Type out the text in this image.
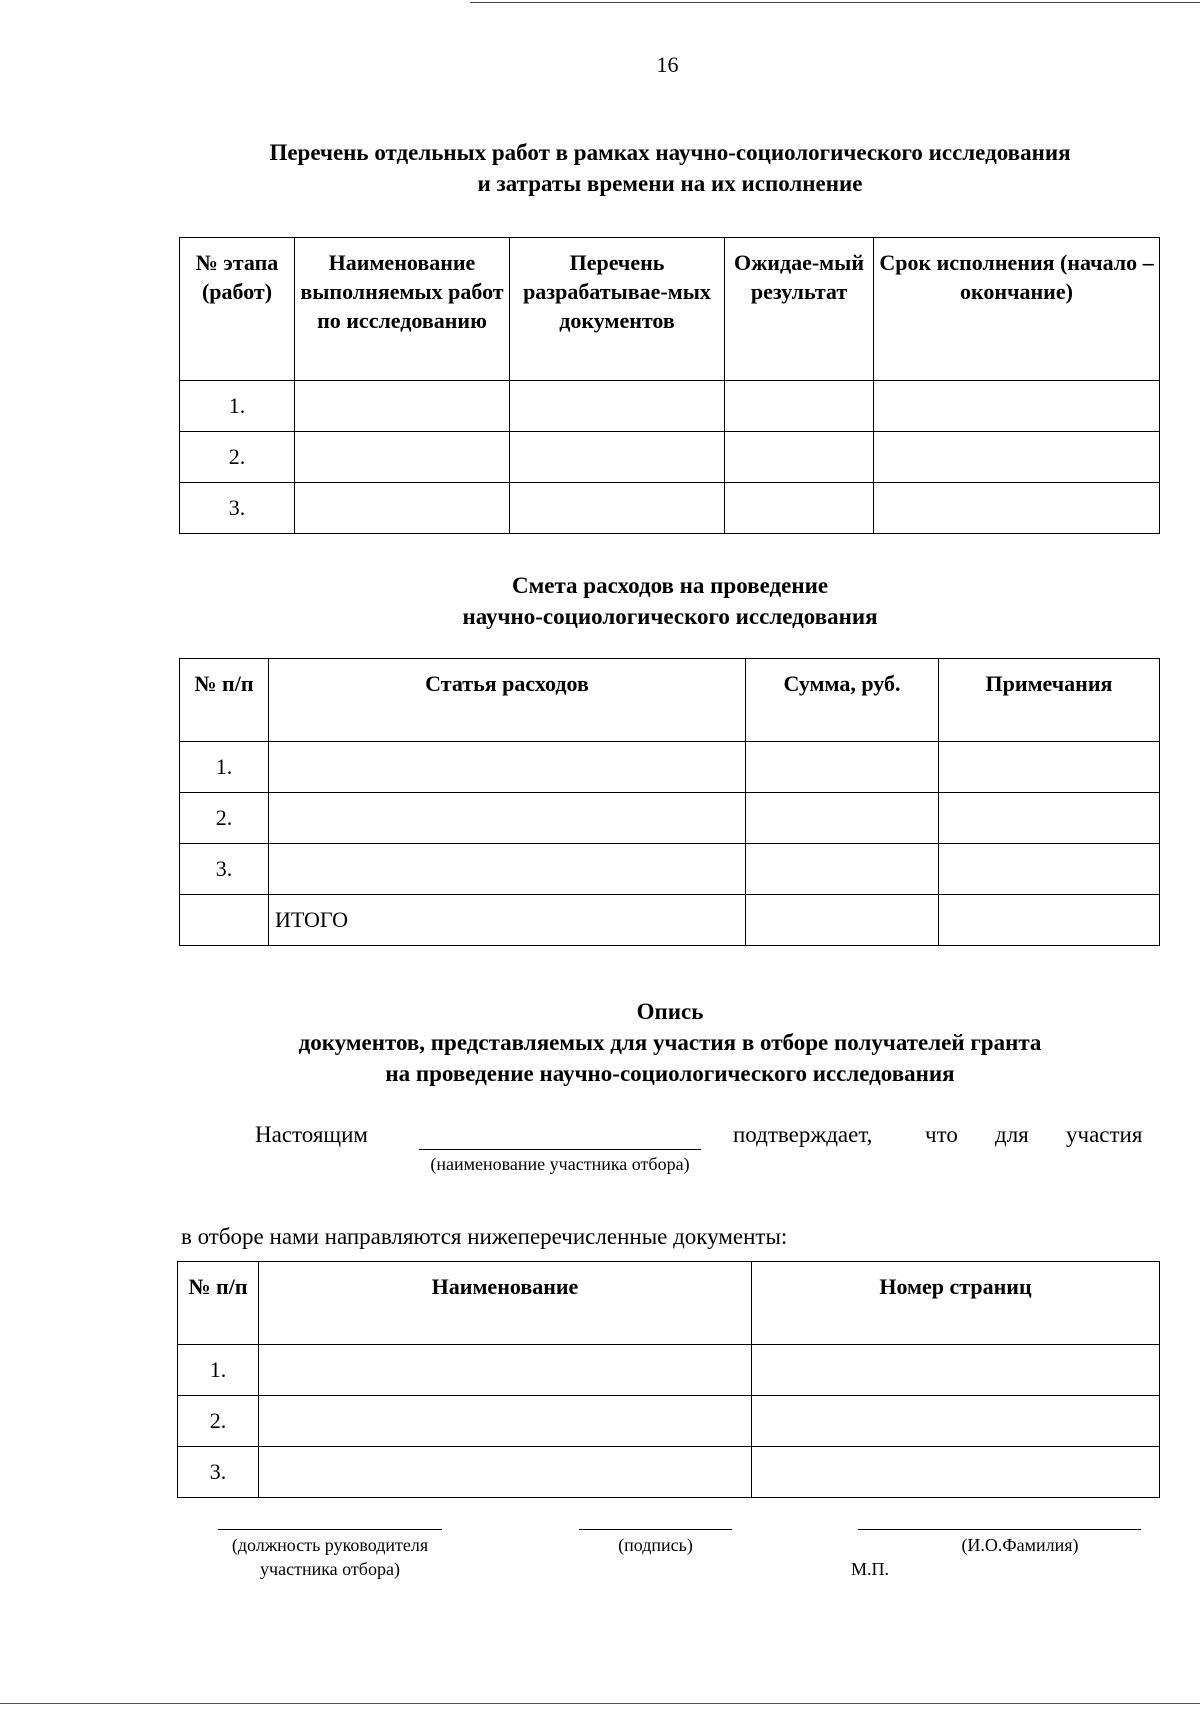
16
Перечень отдельных работ в рамках научно-социологического исследования
и затраты времени на их исполнение
№ этапа (работ)	Наименование выполняемых работ по исследованию	Перечень разрабатывае-мых документов	Ожидае-мый результат	Срок исполнения (начало – окончание)
1.				
2.				
3.				
Смета расходов на проведение
научно-социологического исследования
№ п/п	Статья расходов	Сумма, руб.	Примечания
1.			
2.			
3.			
	ИТОГО		
Опись
документов, представляемых для участия в отборе получателей гранта
на проведение научно-социологического исследования
Настоящим
(наименование участника отбора)
подтверждает, что для участия
в отборе нами направляются нижеперечисленные документы:
№ п/п	Наименование	Номер страниц
1.		
2.		
3.		
(должность руководителя
участника отбора)
(подпись)	(И.О.Фамилия)
М.П.
